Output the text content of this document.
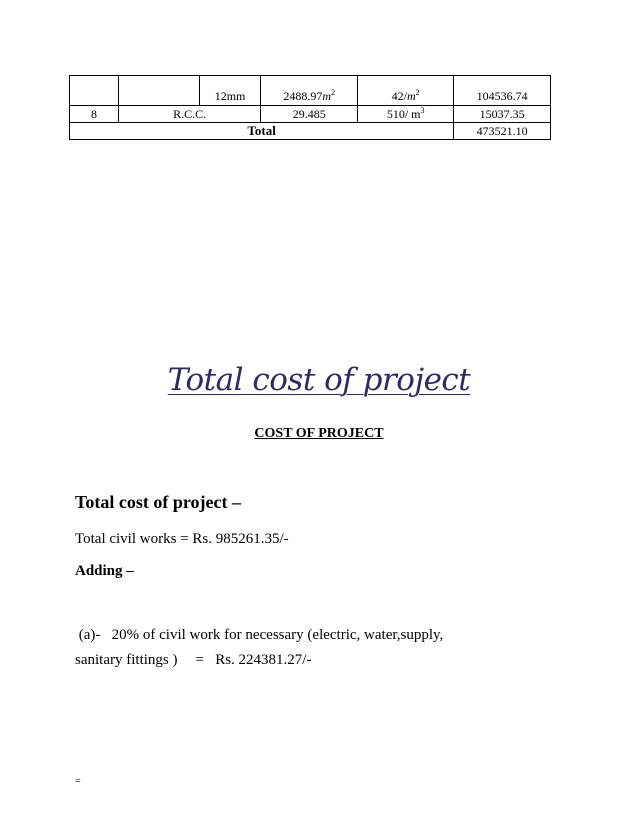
		12mm	$2488.97m^2$	$42/m^2$	104536.74
8	R.C.C.		29.485	510/ $m^3$	15037.35
Total					473521.10
Total cost of project
COST OF PROJECT
Total cost of project –
Total civil works = Rs. 985261.35/-
Adding –
(a)-   20% of civil work for necessary (electric, water,supply,
sanitary fittings ) =   Rs. 224381.27/-
=
